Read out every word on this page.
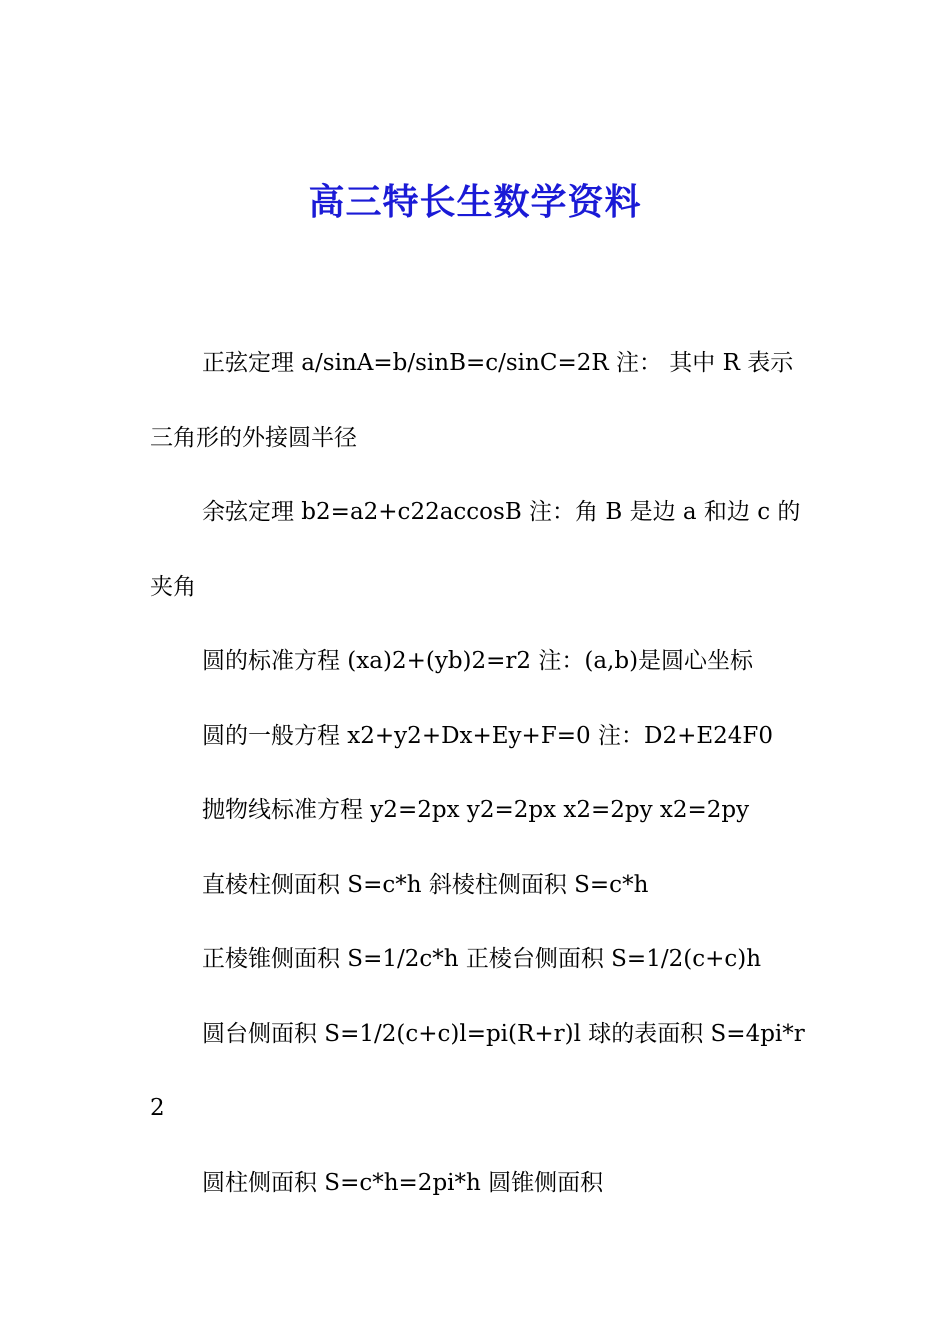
高三特长生数学资料

正弦定理 a/sinA=b/sinB=c/sinC=2R 注： 其中 R 表示三角形的外接圆半径

余弦定理 b2=a2+c22accosB 注：角 B 是边 a 和边 c 的夹角

圆的标准方程 (xa)2+(yb)2=r2 注：(a,b)是圆心坐标

圆的一般方程 x2+y2+Dx+Ey+F=0 注：D2+E24F0

抛物线标准方程 y2=2px y2=2px x2=2py x2=2py

直棱柱侧面积 S=c*h 斜棱柱侧面积 S=c*h

正棱锥侧面积 S=1/2c*h 正棱台侧面积 S=1/2(c+c)h

圆台侧面积 S=1/2(c+c)l=pi(R+r)l 球的表面积 S=4pi*r2

圆柱侧面积 S=c*h=2pi*h 圆锥侧面积
